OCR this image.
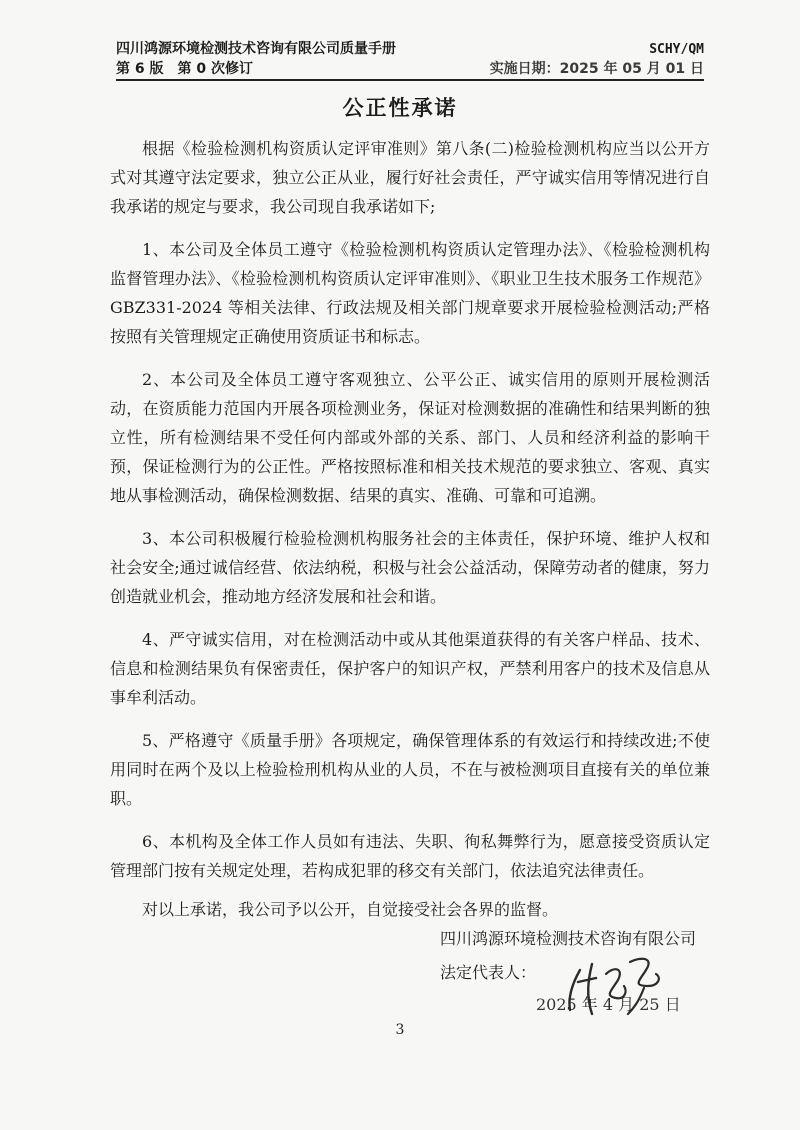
四川鸿源环境检测技术咨询有限公司质量手册	SCHY/QM
第 6 版　第 0 次修订	实施日期：2025 年 05 月 01 日
公正性承诺

根据《检验检测机构资质认定评审准则》第八条(二)检验检测机构应当以公开方式对其遵守法定要求，独立公正从业，履行好社会责任，严守诚实信用等情况进行自我承诺的规定与要求，我公司现自我承诺如下;

1、本公司及全体员工遵守《检验检测机构资质认定管理办法》、《检验检测机构监督管理办法》、《检验检测机构资质认定评审准则》、《职业卫生技术服务工作规范》GBZ331-2024 等相关法律、行政法规及相关部门规章要求开展检验检测活动;严格按照有关管理规定正确使用资质证书和标志。

2、本公司及全体员工遵守客观独立、公平公正、诚实信用的原则开展检测活动，在资质能力范国内开展各项检测业务，保证对检测数据的准确性和结果判断的独立性，所有检测结果不受任何内部或外部的关系、部门、人员和经济利益的影响干预，保证检测行为的公正性。严格按照标准和相关技术规范的要求独立、客观、真实地从事检测活动，确保检测数据、结果的真实、准确、可靠和可追溯。

3、本公司积极履行检验检测机构服务社会的主体责任，保护环境、维护人权和社会安全;通过诚信经营、依法纳税，积极与社会公益活动，保障劳动者的健康，努力创造就业机会，推动地方经济发展和社会和谐。

4、严守诚实信用，对在检测活动中或从其他渠道获得的有关客户样品、技术、信息和检测结果负有保密责任，保护客户的知识产权，严禁利用客户的技术及信息从事牟利活动。

5、严格遵守《质量手册》各项规定，确保管理体系的有效运行和持续改进;不使用同时在两个及以上检验检刑机构从业的人员，不在与被检测项目直接有关的单位兼职。

6、本机构及全体工作人员如有违法、失职、徇私舞弊行为，愿意接受资质认定管理部门按有关规定处理，若构成犯罪的移交有关部门，依法追究法律责任。

对以上承诺，我公司予以公开，自觉接受社会各界的监督。

四川鸿源环境检测技术咨询有限公司
法定代表人：
2025 年 4 月 25 日
3
